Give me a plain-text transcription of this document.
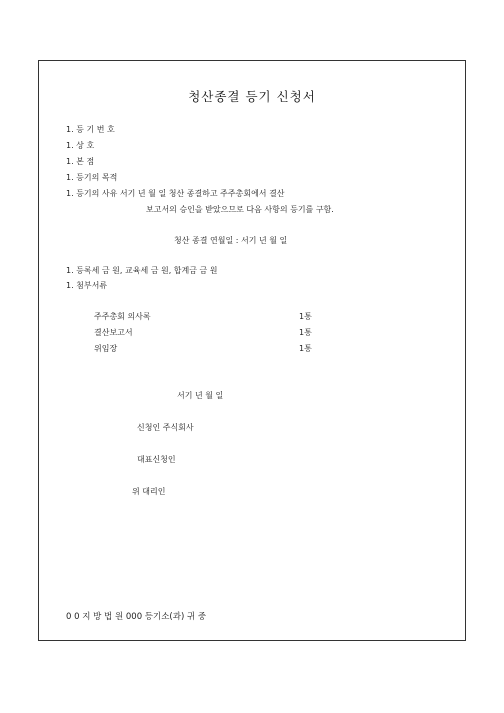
청산종결 등기 신청서
1. 등 기 번 호
1. 상 호
1. 본 점
1. 등기의 목적
1. 등기의 사유 서기 년 월 일 청산 종결하고 주주총회에서 결산
보고서의 승인을 받았으므로 다음 사항의 등기를 구함.
청산 종결 연월일 : 서기 년 월 일
1. 등록세 금 원, 교육세 금 원, 합계금 금 원
1. 첨부서류
주주총회 의사록	1통
결산보고서	1통
위임장	1통
서기 년 월 일
신청인 주식회사
대표신청인
위 대리인
0 0 지 방 법 원 000 등기소(과) 귀 중
